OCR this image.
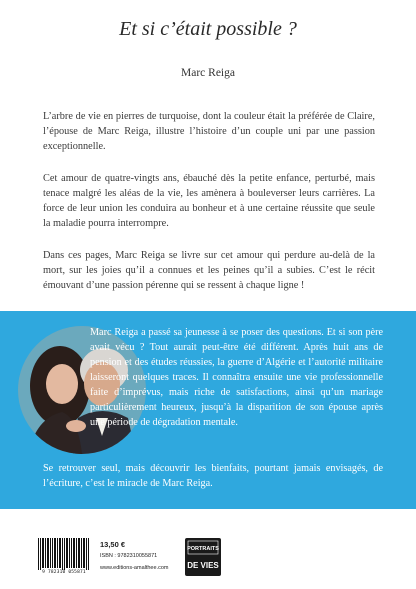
Et si c’était possible ?
Marc Reiga

L’arbre de vie en pierres de turquoise, dont la couleur était la préférée de Claire, l’épouse de Marc Reiga, illustre l’histoire d’un couple uni par une passion exceptionnelle.

Cet amour de quatre-vingts ans, ébauché dès la petite enfance, perturbé, mais tenace malgré les aléas de la vie, les amènera à bouleverser leurs carrières. La force de leur union les conduira au bonheur et à une certaine réussite que seule la maladie pourra interrompre.

Dans ces pages, Marc Reiga se livre sur cet amour qui perdure au-delà de la mort, sur les joies qu’il a connues et les peines qu’il a subies. C’est le récit émouvant d’une passion pérenne qui se ressent à chaque ligne !

Marc Reiga a passé sa jeunesse à se poser des questions. Et si son père avait vécu ? Tout aurait peut-être été différent. Après huit ans de pension et des études réussies, la guerre d’Algérie et l’autorité militaire laisseront quelques traces. Il connaîtra ensuite une vie professionnelle faite d’imprévus, mais riche de satisfactions, ainsi qu’un mariage particulièrement heureux, jusqu’à la disparition de son épouse après une période de dégradation mentale.

Se retrouver seul, mais découvrir les bienfaits, pourtant jamais envisagés, de l’écriture, c’est le miracle de Marc Reiga.

9 782310 055871
13,50 €
ISBN : 9782310055871
www.editions-amalthee.com
PORTRAITS
DE VIES
